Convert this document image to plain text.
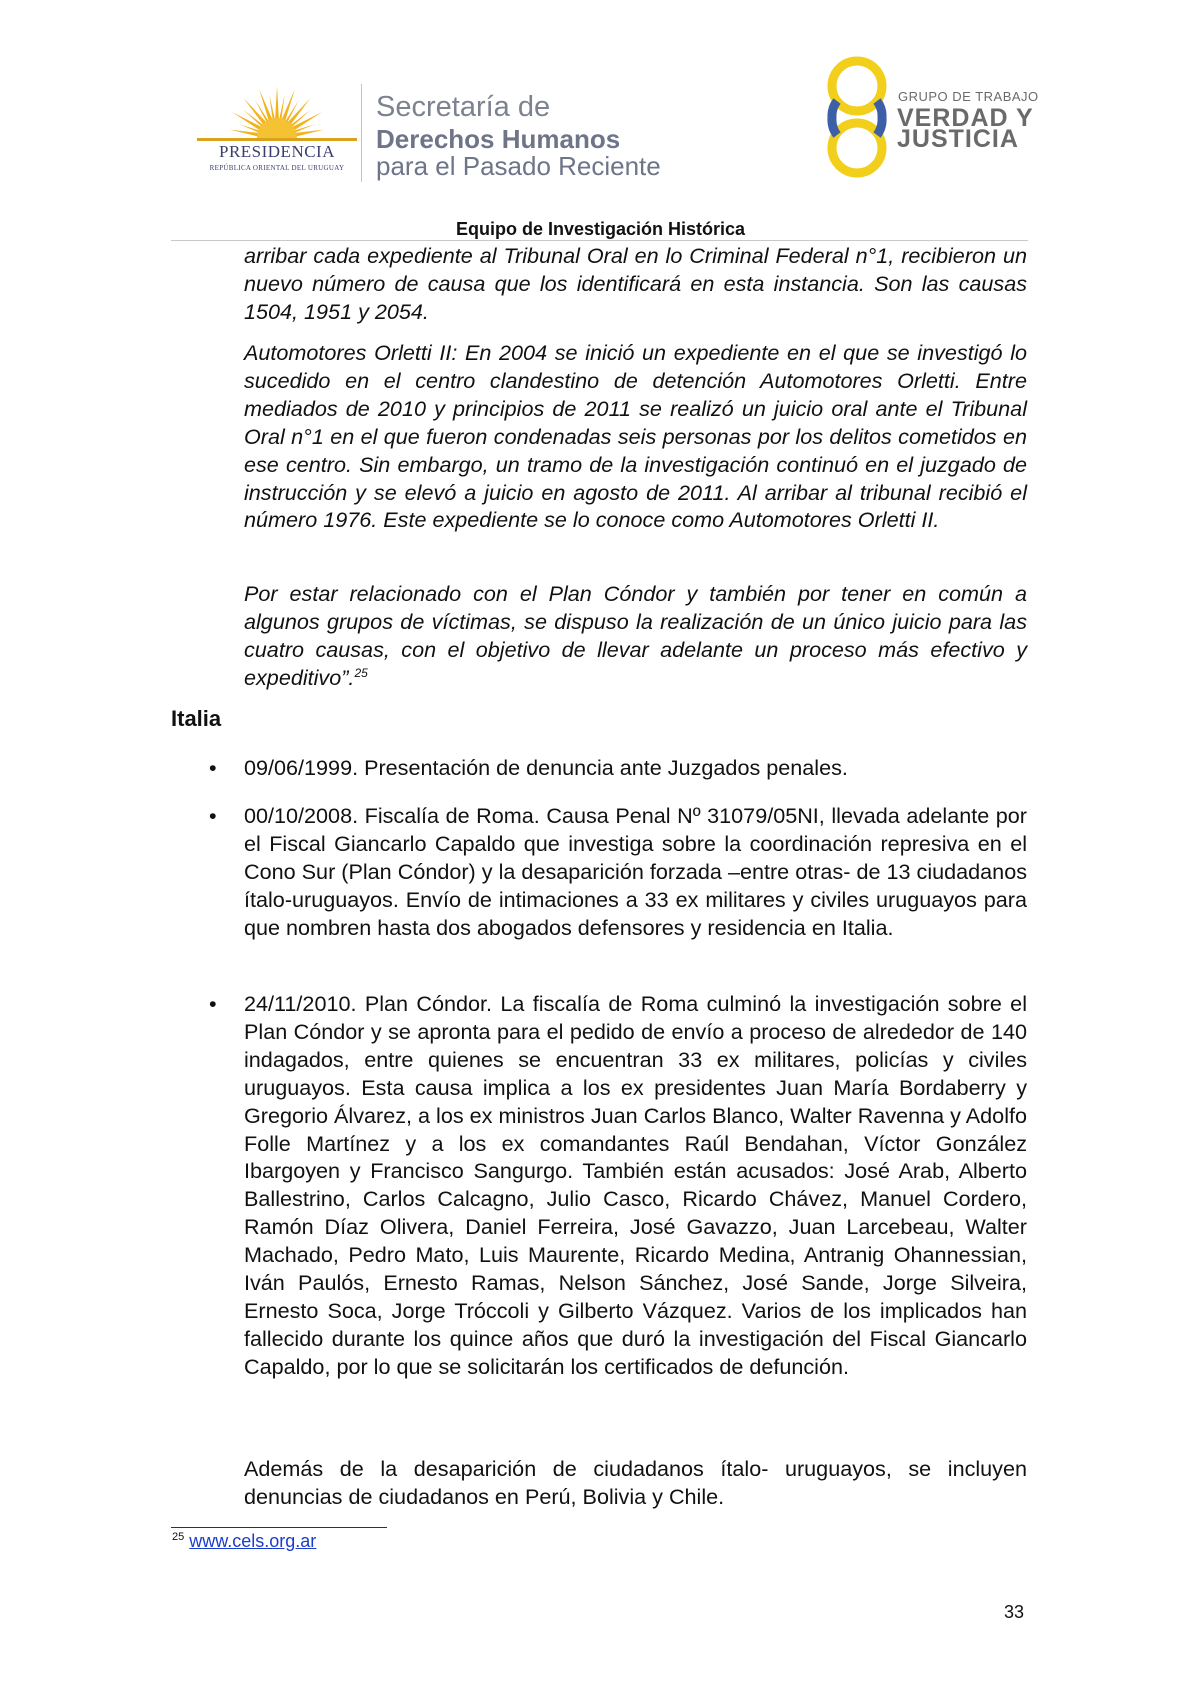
PRESIDENCIA
REPÚBLICA ORIENTAL DEL URUGUAY
Secretaría de
Derechos Humanos
para el Pasado Reciente
GRUPO DE TRABAJO
VERDAD Y
JUSTICIA
Equipo de Investigación Histórica
arribar cada expediente al Tribunal Oral en lo Criminal Federal n°1, recibieron un nuevo número de causa que los identificará en esta instancia. Son las causas 1504, 1951 y 2054.
Automotores Orletti II: En 2004 se inició un expediente en el que se investigó lo sucedido en el centro clandestino de detención Automotores Orletti. Entre mediados de 2010 y principios de 2011 se realizó un juicio oral ante el Tribunal Oral n°1 en el que fueron condenadas seis personas por los delitos cometidos en ese centro. Sin embargo, un tramo de la investigación continuó en el juzgado de instrucción y se elevó a juicio en agosto de 2011. Al arribar al tribunal recibió el número 1976. Este expediente se lo conoce como Automotores Orletti II.
Por estar relacionado con el Plan Cóndor y también por tener en común a algunos grupos de víctimas, se dispuso la realización de un único juicio para las cuatro causas, con el objetivo de llevar adelante un proceso más efectivo y expeditivo”.$^{25}$
Italia
• 09/06/1999. Presentación de denuncia ante Juzgados penales.
• 00/10/2008. Fiscalía de Roma. Causa Penal Nº 31079/05NI, llevada adelante por el Fiscal Giancarlo Capaldo que investiga sobre la coordinación represiva en el Cono Sur (Plan Cóndor) y la desaparición forzada –entre otras- de 13 ciudadanos ítalo-uruguayos. Envío de intimaciones a 33 ex militares y civiles uruguayos para que nombren hasta dos abogados defensores y residencia en Italia.
• 24/11/2010. Plan Cóndor. La fiscalía de Roma culminó la investigación sobre el Plan Cóndor y se apronta para el pedido de envío a proceso de alrededor de 140 indagados, entre quienes se encuentran 33 ex militares, policías y civiles uruguayos. Esta causa implica a los ex presidentes Juan María Bordaberry y Gregorio Álvarez, a los ex ministros Juan Carlos Blanco, Walter Ravenna y Adolfo Folle Martínez y a los ex comandantes Raúl Bendahan, Víctor González Ibargoyen y Francisco Sangurgo. También están acusados: José Arab, Alberto Ballestrino, Carlos Calcagno, Julio Casco, Ricardo Chávez, Manuel Cordero, Ramón Díaz Olivera, Daniel Ferreira, José Gavazzo, Juan Larcebeau, Walter Machado, Pedro Mato, Luis Maurente, Ricardo Medina, Antranig Ohannessian, Iván Paulós, Ernesto Ramas, Nelson Sánchez, José Sande, Jorge Silveira, Ernesto Soca, Jorge Tróccoli y Gilberto Vázquez. Varios de los implicados han fallecido durante los quince años que duró la investigación del Fiscal Giancarlo Capaldo, por lo que se solicitarán los certificados de defunción.
Además de la desaparición de ciudadanos ítalo- uruguayos, se incluyen denuncias de ciudadanos en Perú, Bolivia y Chile.
$^{25}$ www.cels.org.ar
33
